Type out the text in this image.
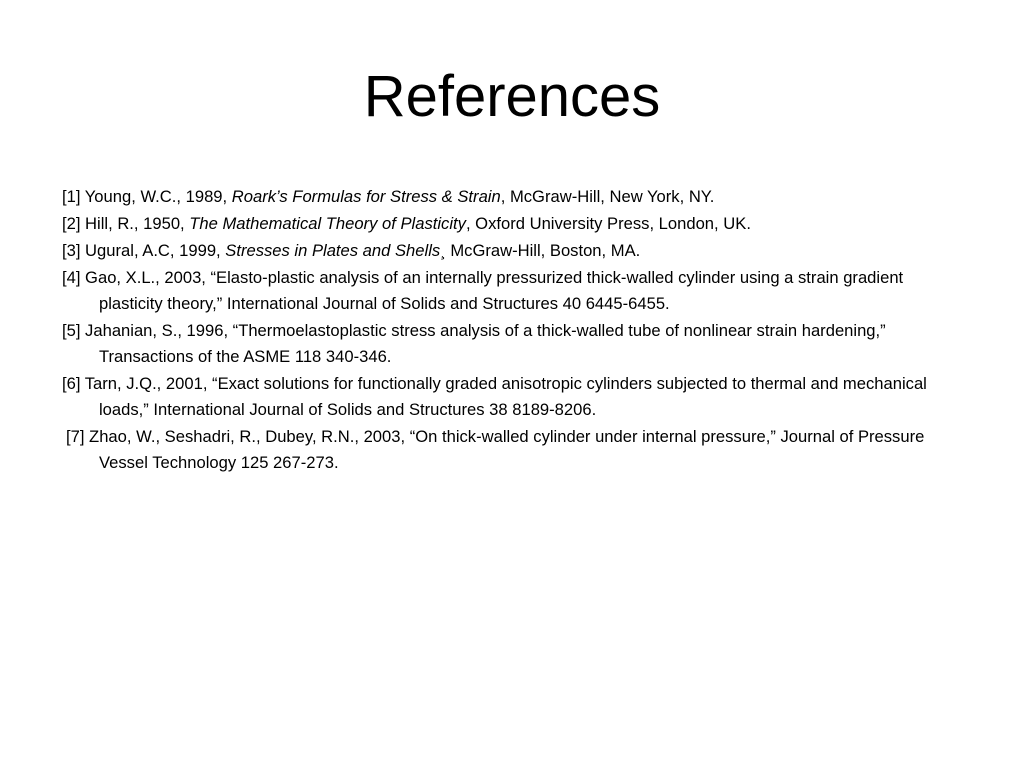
References
[1] Young, W.C., 1989, Roark’s Formulas for Stress & Strain, McGraw-Hill, New York, NY.
[2] Hill, R., 1950, The Mathematical Theory of Plasticity, Oxford University Press, London, UK.
[3] Ugural, A.C, 1999, Stresses in Plates and Shells¸ McGraw-Hill, Boston, MA.
[4] Gao, X.L., 2003, “Elasto-plastic analysis of an internally pressurized thick-walled cylinder using a strain gradient plasticity theory,” International Journal of Solids and Structures 40 6445-6455.
[5] Jahanian, S., 1996, “Thermoelastoplastic stress analysis of a thick-walled tube of nonlinear strain hardening,” Transactions of the ASME 118 340-346.
[6] Tarn, J.Q., 2001, “Exact solutions for functionally graded anisotropic cylinders subjected to thermal and mechanical loads,” International Journal of Solids and Structures 38 8189-8206.
[7] Zhao, W., Seshadri, R., Dubey, R.N., 2003, “On thick-walled cylinder under internal pressure,” Journal of Pressure Vessel Technology 125 267-273.
